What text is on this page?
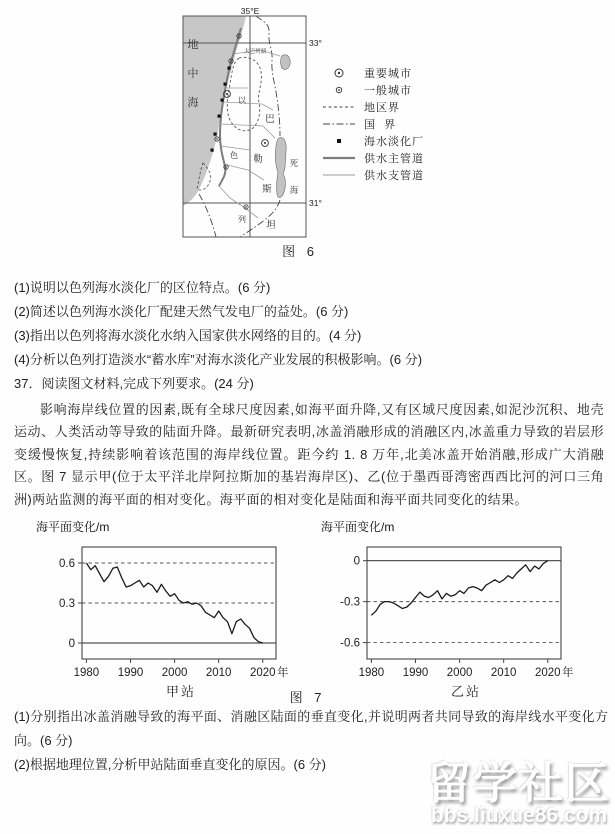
35°E
33°
31°
地中海
太巴列湖
死海
以
色
列
巴
勒
斯
坦
重要城市
一般城市
地区界
国  界
海水淡化厂
供水主管道
供水支管道
图 6
(1)说明以色列海水淡化厂的区位特点。(6 分)
(2)简述以色列海水淡化厂配建天然气发电厂的益处。(6 分)
(3)指出以色列将海水淡化水纳入国家供水网络的目的。(4 分)
(4)分析以色列打造淡水“蓄水库”对海水淡化产业发展的积极影响。(6 分)
37．阅读图文材料,完成下列要求。(24 分)
影响海岸线位置的因素,既有全球尺度因素,如海平面升降,又有区域尺度因素,如泥沙沉积、地壳运动、人类活动等导致的陆面升降。最新研究表明,冰盖消融形成的消融区内,冰盖重力导致的岩层形变缓慢恢复,持续影响着该范围的海岸线位置。距今约 1. 8 万年,北美冰盖开始消融,形成广大消融区。图 7 显示甲(位于太平洋北岸阿拉斯加的基岩海岸区)、乙(位于墨西哥湾密西西比河的河口三角洲)两站监测的海平面的相对变化。海平面的相对变化是陆面和海平面共同变化的结果。
海平面变化/m
0.6
0.3
0
1980 1990 2000 2010 2020 年
甲站
海平面变化/m
0
-0.3
-0.6
1980 1990 2000 2010 2020 年
乙站
图 7
(1)分别指出冰盖消融导致的海平面、消融区陆面的垂直变化,并说明两者共同导致的海岸线水平变化方向。(6 分)
(2)根据地理位置,分析甲站陆面垂直变化的原因。(6 分)	留学社区
bbs.liuxue86.com
